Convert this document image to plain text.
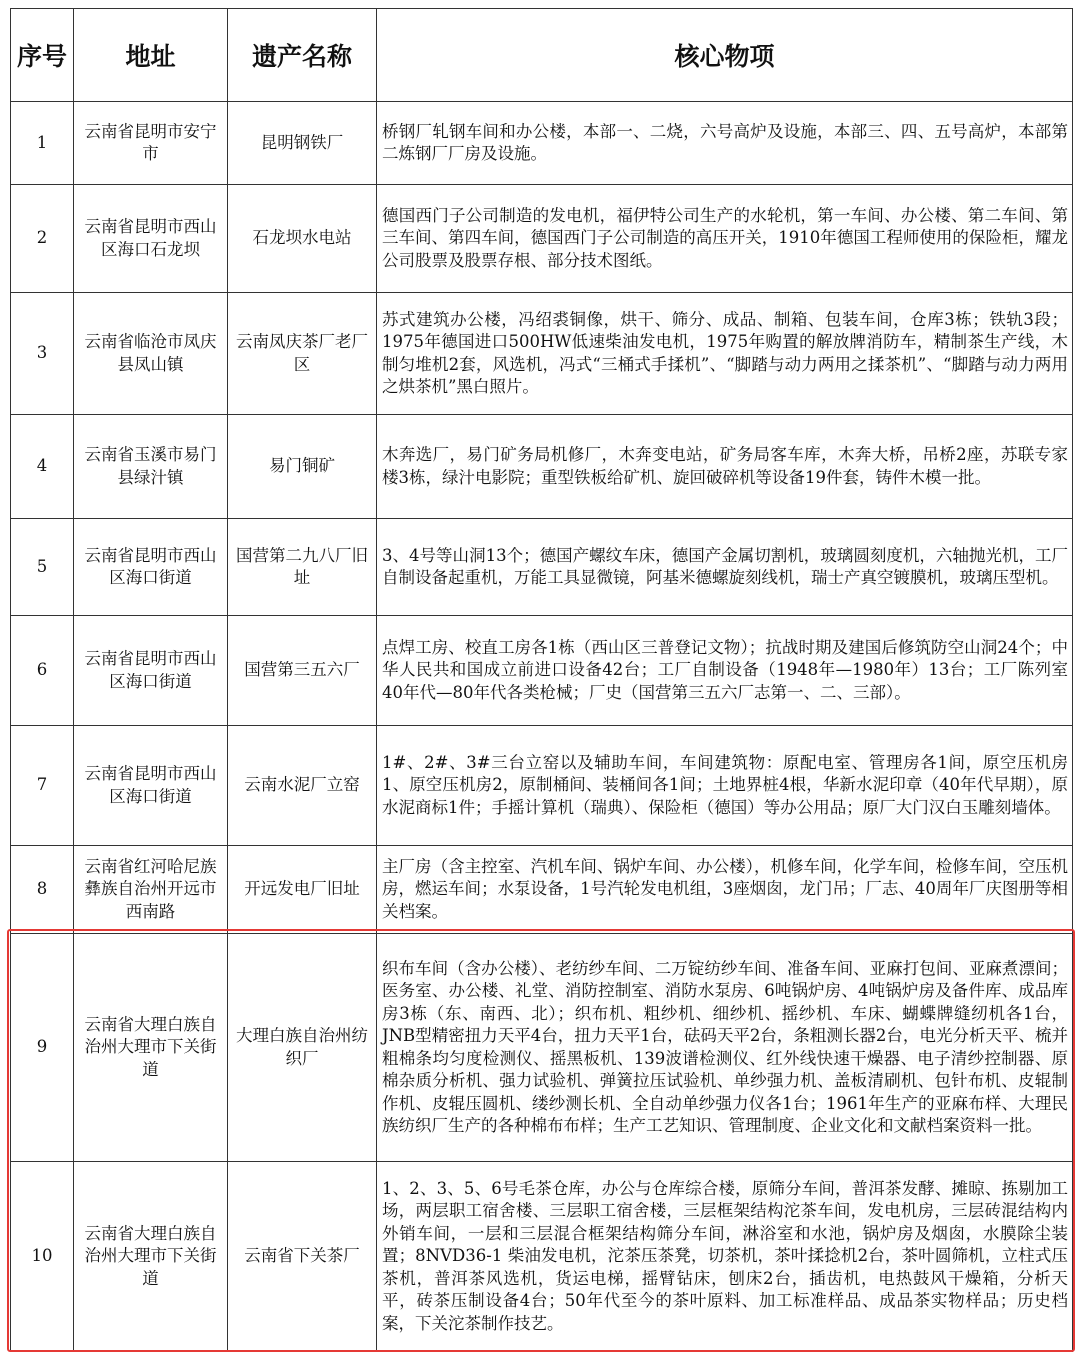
序号	地址	遗产名称	核心物项
1	云南省昆明市安宁市	昆明钢铁厂	桥钢厂轧钢车间和办公楼，本部一、二烧，六号高炉及设施，本部三、四、五号高炉，本部第二炼钢厂厂房及设施。
2	云南省昆明市西山区海口石龙坝	石龙坝水电站	德国西门子公司制造的发电机，福伊特公司生产的水轮机，第一车间、办公楼、第二车间、第三车间、第四车间，德国西门子公司制造的高压开关，1910年德国工程师使用的保险柜，耀龙公司股票及股票存根、部分技术图纸。
3	云南省临沧市凤庆县凤山镇	云南凤庆茶厂老厂区	苏式建筑办公楼，冯绍裘铜像，烘干、筛分、成品、制箱、包装车间，仓库3栋；铁轨3段；1975年德国进口500HW低速柴油发电机，1975年购置的解放牌消防车，精制茶生产线，木制匀堆机2套，风选机，冯式“三桶式手揉机”、“脚踏与动力两用之揉茶机”、“脚踏与动力两用之烘茶机”黑白照片。
4	云南省玉溪市易门县绿汁镇	易门铜矿	木奔选厂，易门矿务局机修厂，木奔变电站，矿务局客车库，木奔大桥，吊桥2座，苏联专家楼3栋，绿汁电影院；重型铁板给矿机、旋回破碎机等设备19件套，铸件木模一批。
5	云南省昆明市西山区海口街道	国营第二九八厂旧址	3、4号等山洞13个；德国产螺纹车床，德国产金属切割机，玻璃圆刻度机，六轴抛光机，工厂自制设备起重机，万能工具显微镜，阿基米德螺旋刻线机，瑞士产真空镀膜机，玻璃压型机。
6	云南省昆明市西山区海口街道	国营第三五六厂	点焊工房、校直工房各1栋（西山区三普登记文物）；抗战时期及建国后修筑防空山洞24个；中华人民共和国成立前进口设备42台；工厂自制设备（1948年—1980年）13台；工厂陈列室40年代—80年代各类枪械；厂史（国营第三五六厂志第一、二、三部）。
7	云南省昆明市西山区海口街道	云南水泥厂立窑	1#、2#、3#三台立窑以及辅助车间，车间建筑物：原配电室、管理房各1间，原空压机房1、原空压机房2，原制桶间、装桶间各1间；土地界桩4根，华新水泥印章（40年代早期），原水泥商标1件；手摇计算机（瑞典）、保险柜（德国）等办公用品；原厂大门汉白玉雕刻墙体。
8	云南省红河哈尼族彝族自治州开远市西南路	开远发电厂旧址	主厂房（含主控室、汽机车间、锅炉车间、办公楼），机修车间，化学车间，检修车间，空压机房，燃运车间；水泵设备，1号汽轮发电机组，3座烟囱，龙门吊；厂志、40周年厂庆图册等相关档案。
9	云南省大理白族自治州大理市下关街道	大理白族自治州纺织厂	织布车间（含办公楼）、老纺纱车间、二万锭纺纱车间、准备车间、亚麻打包间、亚麻煮漂间；医务室、办公楼、礼堂、消防控制室、消防水泵房、6吨锅炉房、4吨锅炉房及备件库、成品库房3栋（东、南西、北）；织布机、粗纱机、细纱机、摇纱机、车床、蝴蝶牌缝纫机各1台，JNB型精密扭力天平4台，扭力天平1台，砝码天平2台，条粗测长器2台，电光分析天平、梳并粗棉条均匀度检测仪、摇黑板机、139波谱检测仪、红外线快速干燥器、电子清纱控制器、原棉杂质分析机、强力试验机、弹簧拉压试验机、单纱强力机、盖板清刷机、包针布机、皮辊制作机、皮辊压圆机、缕纱测长机、全自动单纱强力仪各1台；1961年生产的亚麻布样、大理民族纺织厂生产的各种棉布布样；生产工艺知识、管理制度、企业文化和文献档案资料一批。
10	云南省大理白族自治州大理市下关街道	云南省下关茶厂	1、2、3、5、6号毛茶仓库，办公与仓库综合楼，原筛分车间，普洱茶发酵、摊晾、拣剔加工场，两层职工宿舍楼、三层职工宿舍楼，三层框架结构沱茶车间，发电机房，三层砖混结构内外销车间，一层和三层混合框架结构筛分车间，淋浴室和水池，锅炉房及烟囱，水膜除尘装置；8NVD36-1 柴油发电机，沱茶压茶凳，切茶机，茶叶揉捻机2台，茶叶圆筛机，立柱式压茶机，普洱茶风选机，货运电梯，摇臂钻床，刨床2台，插齿机，电热鼓风干燥箱，分析天平，砖茶压制设备4台；50年代至今的茶叶原料、加工标准样品、成品茶实物样品；历史档案，下关沱茶制作技艺。
